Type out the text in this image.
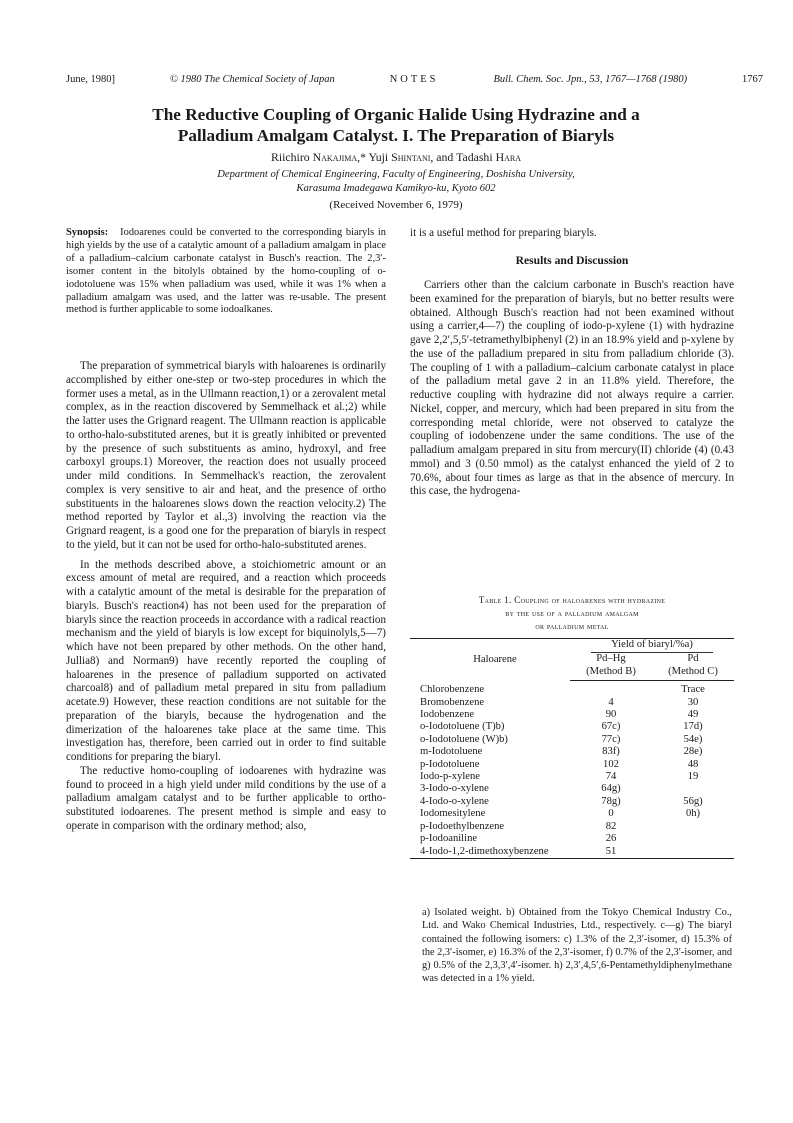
June, 1980]	© 1980 The Chemical Society of Japan	NOTES	Bull. Chem. Soc. Jpn., 53, 1767—1768 (1980)	1767
The Reductive Coupling of Organic Halide Using Hydrazine and a
Palladium Amalgam Catalyst. I. The Preparation of Biaryls
Riichiro Nakajima,* Yuji Shintani, and Tadashi Hara
Department of Chemical Engineering, Faculty of Engineering, Doshisha University,
Karasuma Imadegawa Kamikyo-ku, Kyoto 602
(Received November 6, 1979)

Synopsis: Iodoarenes could be converted to the corresponding biaryls in high yields by the use of a catalytic amount of a palladium amalgam in place of a palladium–calcium carbonate catalyst in Busch's reaction. The 2,3′-isomer content in the bitolyls obtained by the homo-coupling of o-iodotoluene was 15% when palladium was used, while it was 1% when a palladium amalgam was used, and the latter was re-usable. The present method is further applicable to some iodoalkanes.

The preparation of symmetrical biaryls with haloarenes is ordinarily accomplished by either one-step or two-step procedures in which the former uses a metal, as in the Ullmann reaction,1) or a zerovalent metal complex, as in the reaction discovered by Semmelhack et al.;2) while the latter uses the Grignard reagent. The Ullmann reaction is applicable to ortho-halo-substituted arenes, but it is greatly inhibited or prevented by the presence of such substituents as amino, hydroxyl, and free carboxyl groups.1) Moreover, the reaction does not usually proceed under mild conditions. In Semmelhack's reaction, the zerovalent complex is very sensitive to air and heat, and the presence of ortho substituents in the haloarenes slows down the reaction velocity.2) The method reported by Taylor et al.,3) involving the reaction via the Grignard reagent, is a good one for the preparation of biaryls in respect to the yield, but it can not be used for ortho-halo-substituted arenes.

In the methods described above, a stoichiometric amount or an excess amount of metal are required, and a reaction which proceeds with a catalytic amount of the metal is desirable for the preparation of biaryls. Busch's reaction4) has not been used for the preparation of biaryls since the reaction proceeds in accordance with a radical reaction mechanism and the yield of biaryls is low except for biquinolyls,5—7) which have not been prepared by other methods. On the other hand, Jullia8) and Norman9) have recently reported the coupling of haloarenes in the presence of palladium supported on activated charcoal8) and of palladium metal prepared in situ from palladium acetate.9) However, these reaction conditions are not suitable for the preparation of the biaryls, because the hydrogenation and the dimerization of the haloarenes take place at the same time. This investigation has, therefore, been carried out in order to find suitable conditions for preparing the biaryl.

The reductive homo-coupling of iodoarenes with hydrazine was found to proceed in a high yield under mild conditions by the use of a palladium amalgam catalyst and to be further applicable to ortho-substituted iodoarenes. The present method is simple and easy to operate in comparison with the ordinary method; also,

it is a useful method for preparing biaryls.
Results and Discussion

Carriers other than the calcium carbonate in Busch's reaction have been examined for the preparation of biaryls, but no better results were obtained. Although Busch's reaction had not been examined without using a carrier,4—7) the coupling of iodo-p-xylene (1) with hydrazine gave 2,2′,5,5′-tetramethylbiphenyl (2) in an 18.9% yield and p-xylene by the use of the palladium prepared in situ from palladium chloride (3). The coupling of 1 with a palladium–calcium carbonate catalyst in place of the palladium metal gave 2 in an 11.8% yield. Therefore, the reductive coupling with hydrazine did not always require a carrier. Nickel, copper, and mercury, which had been prepared in situ from the corresponding metal chloride, were not observed to catalyze the coupling of iodobenzene under the same conditions. The use of the palladium amalgam prepared in situ from mercury(II) chloride (4) (0.43 mmol) and 3 (0.50 mmol) as the catalyst enhanced the yield of 2 to 70.6%, about four times as large as that in the absence of mercury. In this case, the hydrogena-

Table 1. Coupling of haloarenes with hydrazine
by the use of a palladium amalgam
or palladium metal
Haloarene	Yield of biaryl/%a)	
	Pd–Hg	Pd
	(Method B)	(Method C)
Chlorobenzene		Trace
Bromobenzene	4	30
Iodobenzene	90	49
o-Iodotoluene (T)b)	67c)	17d)
o-Iodotoluene (W)b)	77c)	54e)
m-Iodotoluene	83f)	28e)
p-Iodotoluene	102	48
Iodo-p-xylene	74	19
3-Iodo-o-xylene	64g)	
4-Iodo-o-xylene	78g)	56g)
Iodomesitylene	0	0h)
p-Iodoethylbenzene	82	
p-Iodoaniline	26	
4-Iodo-1,2-dimethoxybenzene	51	
a) Isolated weight. b) Obtained from the Tokyo Chemical Industry Co., Ltd. and Wako Chemical Industries, Ltd., respectively. c—g) The biaryl contained the following isomers: c) 1.3% of the 2,3′-isomer, d) 15.3% of the 2,3′-isomer, e) 16.3% of the 2,3′-isomer, f) 0.7% of the 2,3′-isomer, and g) 0.5% of the 2,3,3′,4′-isomer. h) 2,3′,4,5′,6-Pentamethyldiphenylmethane was detected in a 1% yield.
